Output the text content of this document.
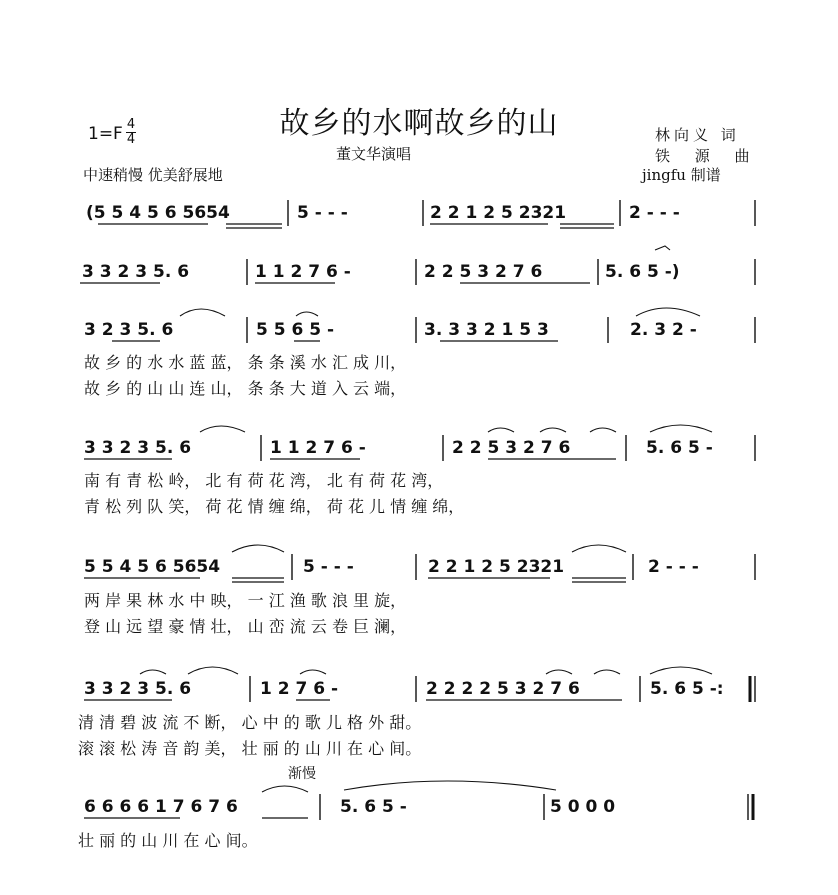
故乡的水啊故乡的山
董文华演唱
1=F 4
4
中速稍慢 优美舒展地
林向义 词
铁 源 曲
jingfu 制谱
渐慢
(5 5 4 5 6 5654	5 - - -	2 2 1 2 5 2321	2 - - -
3 3 2 3 5. 6	1 1 2 7 6 -	2 2 5 3 2 7 6	5. 6 5 -)
3 2 3 5. 6	5 5 6 5 -	3. 3 3 2 1 5 3	2. 3 2 -
故 乡 的 水 水 蓝 蓝， 条 条 溪 水 汇 成 川，
故 乡 的 山 山 连 山， 条 条 大 道 入 云 端，
3 3 2 3 5. 6	1 1 2 7 6 -	2 2 5 3 2 7 6	5. 6 5 -
南 有 青 松 岭， 北 有 荷 花 湾， 北 有 荷 花 湾，
青 松 列 队 笑， 荷 花 情 缠 绵， 荷 花 儿 情 缠 绵，
5 5 4 5 6 5654	5 - - -	2 2 1 2 5 2321	2 - - -
两 岸 果 林 水 中 映， 一 江 渔 歌 浪 里 旋，
登 山 远 望 豪 情 壮， 山 峦 流 云 卷 巨 澜，
3 3 2 3 5. 6	1 2 7 6 -	2 2 2 2 5 3 2 7 6	5. 6 5 -:
清 清 碧 波 流 不 断， 心 中 的 歌 儿 格 外 甜。
滚 滚 松 涛 音 韵 美， 壮 丽 的 山 川 在 心 间。
6 6 6 6 1 7 6 7 6	5. 6 5 -	5 0 0 0
壮 丽 的 山 川 在 心 间。
